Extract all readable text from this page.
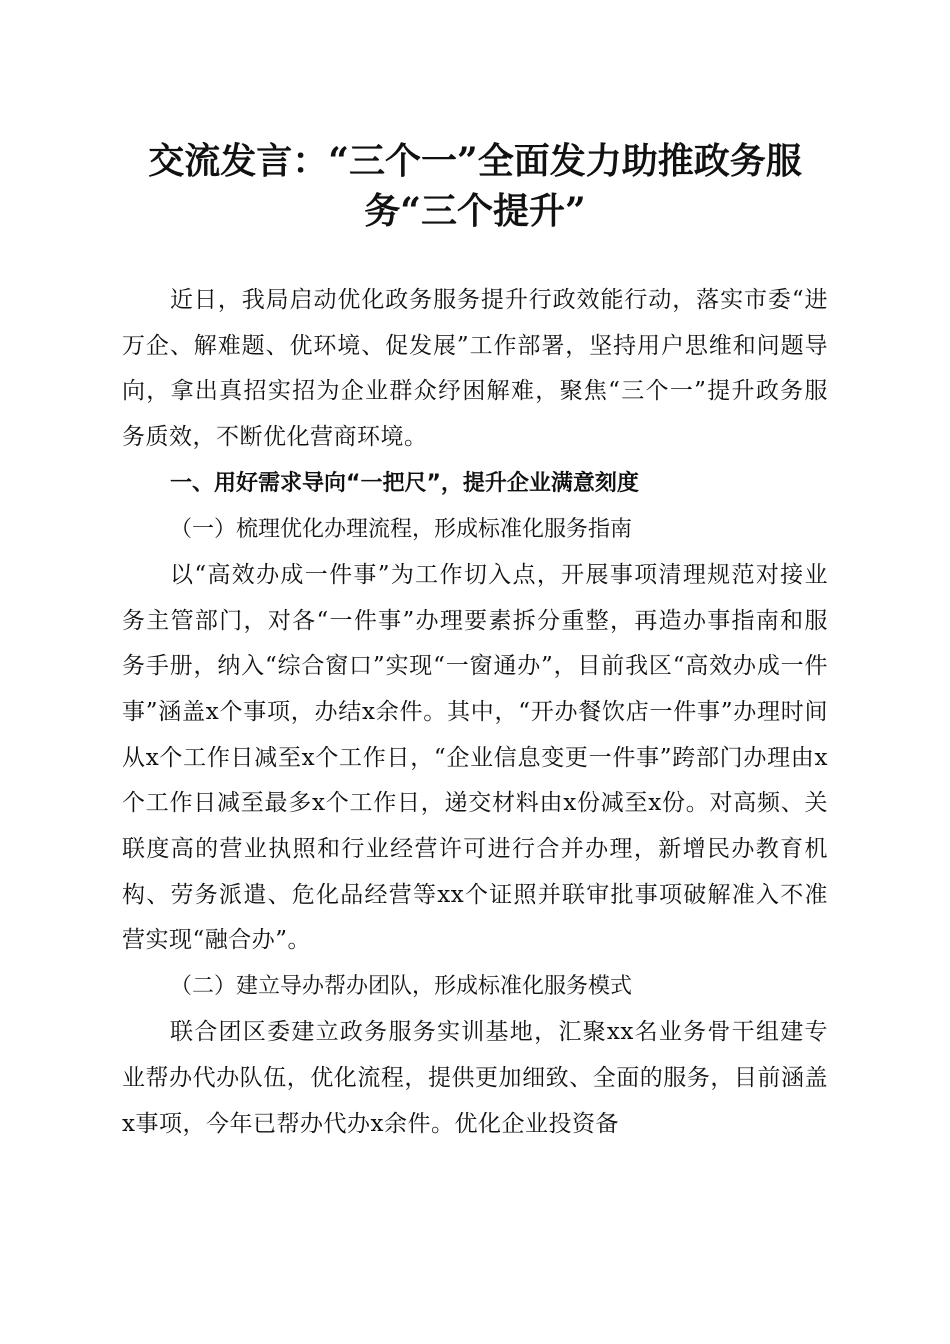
交流发言：“三个一”全面发力助推政务服
务“三个提升”

近日，我局启动优化政务服务提升行政效能行动，落实市委“进万企、解难题、优环境、促发展”工作部署，坚持用户思维和问题导向，拿出真招实招为企业群众纾困解难，聚焦“三个一”提升政务服务质效，不断优化营商环境。

一、用好需求导向“一把尺”，提升企业满意刻度

（一）梳理优化办理流程，形成标准化服务指南

以“高效办成一件事”为工作切入点，开展事项清理规范对接业务主管部门，对各“一件事”办理要素拆分重整，再造办事指南和服务手册，纳入“综合窗口”实现“一窗通办”，目前我区“高效办成一件事”涵盖x个事项，办结x余件。其中，“开办餐饮店一件事”办理时间从x个工作日减至x个工作日，“企业信息变更一件事”跨部门办理由x个工作日减至最多x个工作日，递交材料由x份减至x份。对高频、关联度高的营业执照和行业经营许可进行合并办理，新增民办教育机构、劳务派遣、危化品经营等xx个证照并联审批事项破解准入不准营实现“融合办”。

（二）建立导办帮办团队，形成标准化服务模式

联合团区委建立政务服务实训基地，汇聚xx名业务骨干组建专业帮办代办队伍，优化流程，提供更加细致、全面的服务，目前涵盖x事项，今年已帮办代办x余件。优化企业投资备
